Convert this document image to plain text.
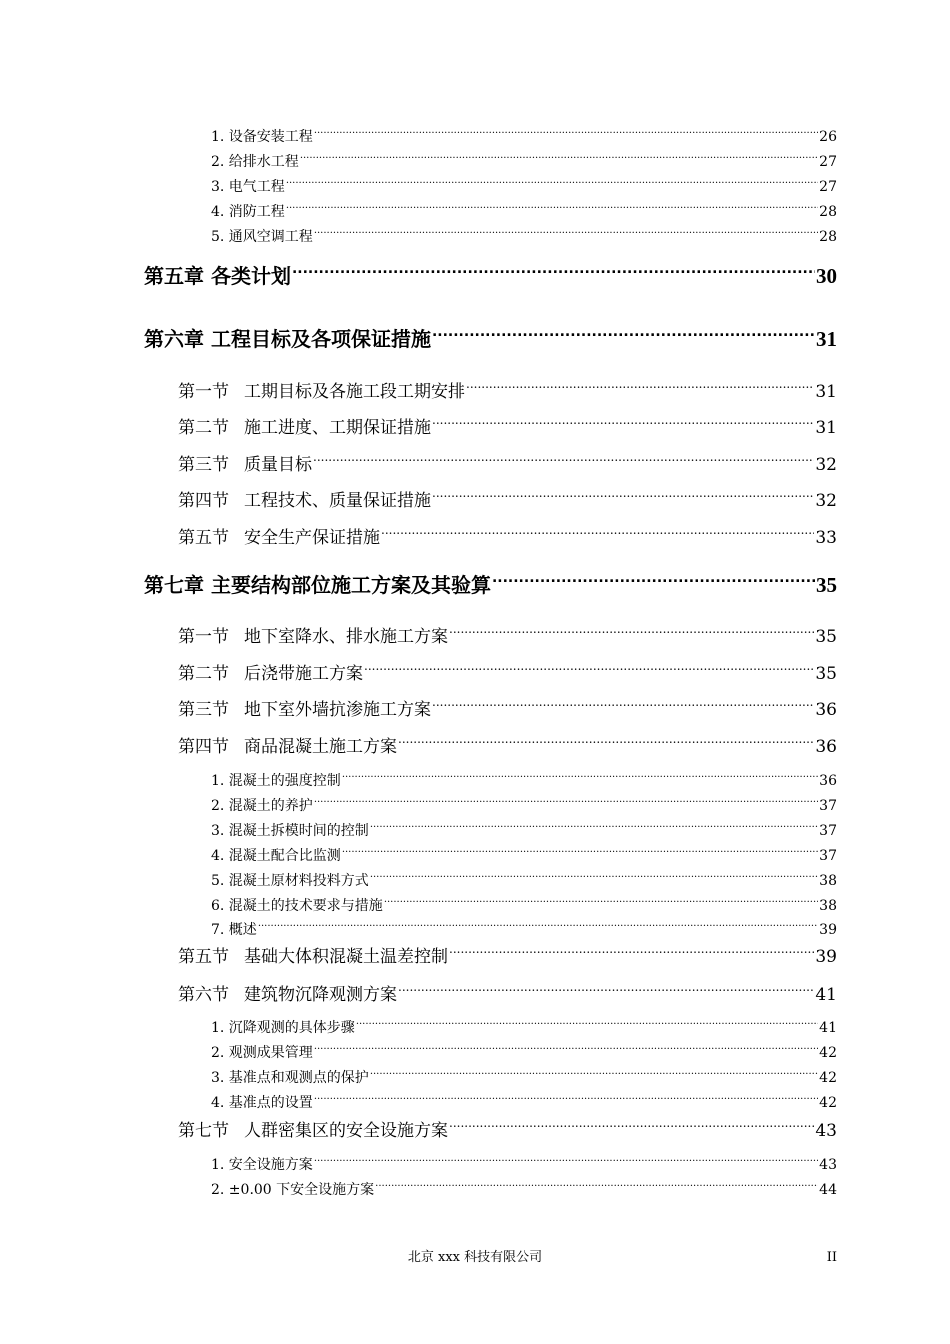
1. 设备安装工程 .....	26
2. 给排水工程 .....	27
3. 电气工程 .....	27
4. 消防工程 .....	28
5. 通风空调工程 .....	28
第五章 各类计划 .....	30
第六章 工程目标及各项保证措施 .....	31
第一节 工期目标及各施工段工期安排 .....	31
第二节 施工进度、工期保证措施 .....	31
第三节 质量目标 .....	32
第四节 工程技术、质量保证措施 .....	32
第五节 安全生产保证措施 .....	33
第七章 主要结构部位施工方案及其验算 .....	35
第一节 地下室降水、排水施工方案 .....	35
第二节 后浇带施工方案 .....	35
第三节 地下室外墙抗渗施工方案 .....	36
第四节 商品混凝土施工方案 .....	36
1. 混凝土的强度控制 .....	36
2. 混凝土的养护 .....	37
3. 混凝土拆模时间的控制 .....	37
4. 混凝土配合比监测 .....	37
5. 混凝土原材料投料方式 .....	38
6. 混凝土的技术要求与措施 .....	38
7. 概述 .....	39
第五节 基础大体积混凝土温差控制 .....	39
第六节 建筑物沉降观测方案 .....	41
1. 沉降观测的具体步骤 .....	41
2. 观测成果管理 .....	42
3. 基准点和观测点的保护 .....	42
4. 基准点的设置 .....	42
第七节 人群密集区的安全设施方案 .....	43
1. 安全设施方案 .....	43
2. ±0.00 下安全设施方案 .....	44
北京 xxx 科技有限公司	II
